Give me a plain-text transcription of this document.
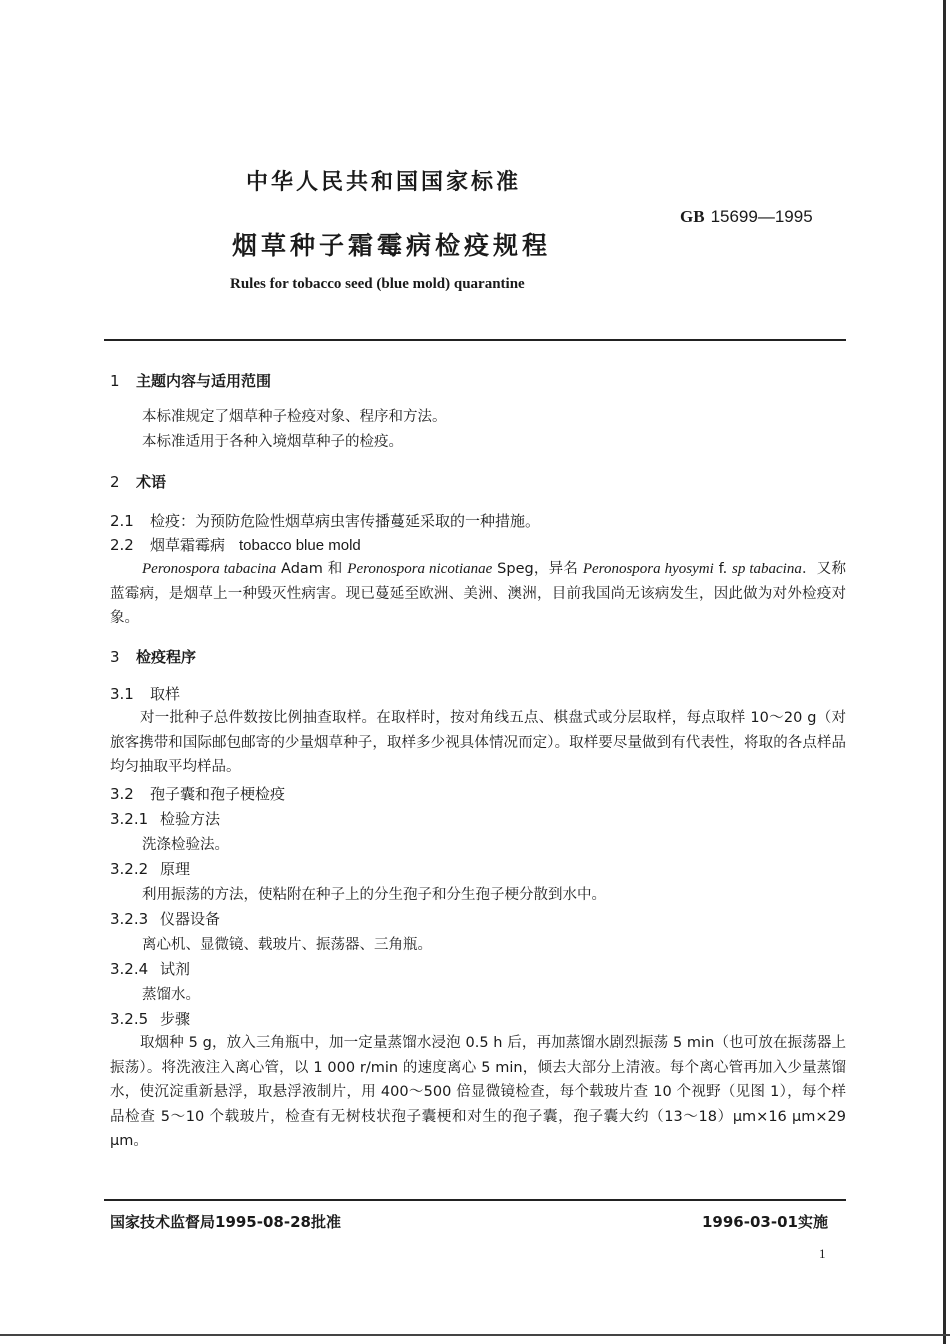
中华人民共和国国家标准
GB 15699—1995
烟草种子霜霉病检疫规程
Rules for tobacco seed (blue mold) quarantine
1 主题内容与适用范围
本标准规定了烟草种子检疫对象、程序和方法。
本标准适用于各种入境烟草种子的检疫。
2 术语
2.1 检疫：为预防危险性烟草病虫害传播蔓延采取的一种措施。
2.2 烟草霜霉病 tobacco blue mold
Peronospora tabacina Adam 和 Peronospora nicotianae Speg，异名 Peronospora hyosymi f. sp tabacina．又称蓝霉病，是烟草上一种毁灭性病害。现已蔓延至欧洲、美洲、澳洲，目前我国尚无该病发生，因此做为对外检疫对象。
3 检疫程序
3.1 取样
对一批种子总件数按比例抽查取样。在取样时，按对角线五点、棋盘式或分层取样，每点取样 10～20 g（对旅客携带和国际邮包邮寄的少量烟草种子，取样多少视具体情况而定）。取样要尽量做到有代表性，将取的各点样品均匀抽取平均样品。
3.2 孢子囊和孢子梗检疫
3.2.1 检验方法
洗涤检验法。
3.2.2 原理
利用振荡的方法，使粘附在种子上的分生孢子和分生孢子梗分散到水中。
3.2.3 仪器设备
离心机、显微镜、载玻片、振荡器、三角瓶。
3.2.4 试剂
蒸馏水。
3.2.5 步骤
取烟种 5 g，放入三角瓶中，加一定量蒸馏水浸泡 0.5 h 后，再加蒸馏水剧烈振荡 5 min（也可放在振荡器上振荡）。将洗液注入离心管，以 1 000 r/min 的速度离心 5 min，倾去大部分上清液。每个离心管再加入少量蒸馏水，使沉淀重新悬浮，取悬浮液制片，用 400～500 倍显微镜检查，每个载玻片查 10 个视野（见图 1），每个样品检查 5～10 个载玻片，检查有无树枝状孢子囊梗和对生的孢子囊，孢子囊大约（13～18）μm×16 μm×29 μm。
国家技术监督局1995-08-28批准	1996-03-01实施
1
